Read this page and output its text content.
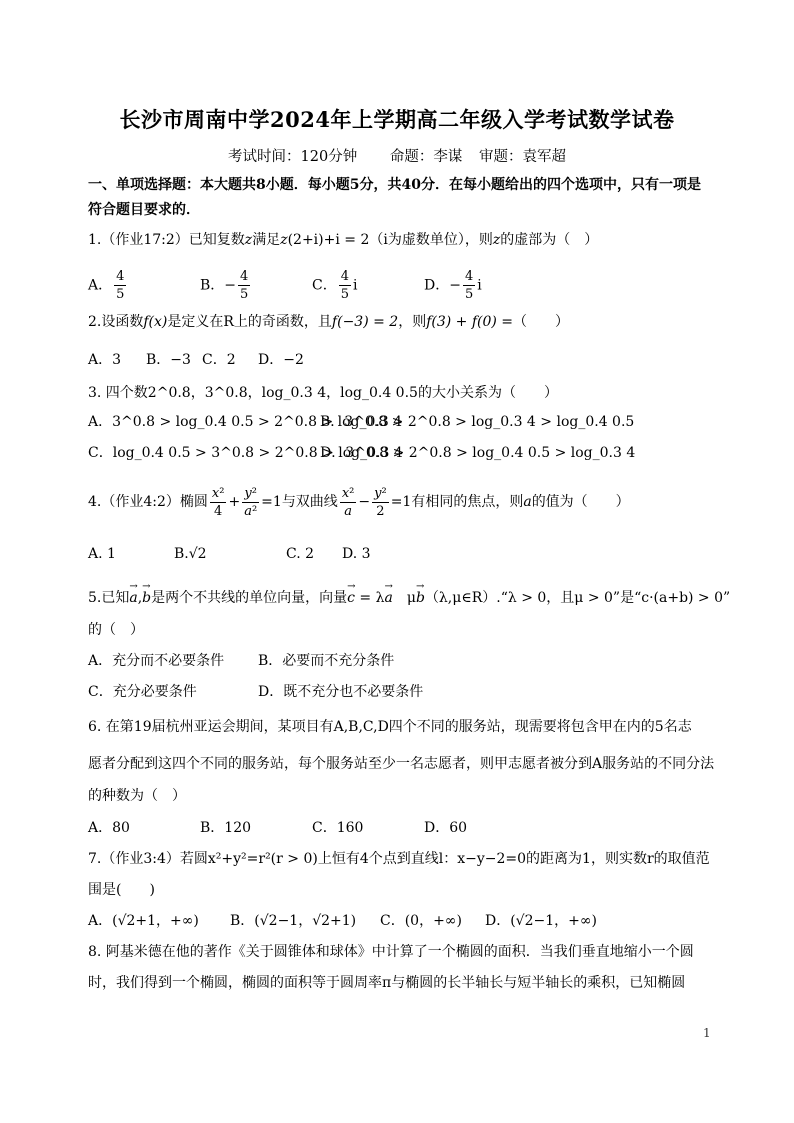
长沙市周南中学2024年上学期高二年级入学考试数学试卷
考试时间：120分钟 命题：李谋 审题：袁军超
一、单项选择题：本大题共8小题．每小题5分，共40分．在每小题给出的四个选项中，只有一项是
符合题目要求的．
1.（作业17:2）已知复数z满足z(2+i)+i = 2（i为虚数单位），则z的虚部为（　）
A． $\frac{4}{5}$	B．− $\frac{4}{5}$	C． $\frac{4}{5}$ i	D．− $\frac{4}{5}$ i
2.设函数f(x)是定义在R上的奇函数，且f(−3) = 2，则f(3) + f(0) =（　　）
A．3 B．−3 C．2 D．−2
3. 四个数2^0.8，3^0.8，log_0.3 4，log_0.4 0.5的大小关系为（　　）
A．3^0.8 > log_0.4 0.5 > 2^0.8 > log_0.3 4
B．3^0.8 > 2^0.8 > log_0.3 4 > log_0.4 0.5
C．log_0.4 0.5 > 3^0.8 > 2^0.8 > log_0.3 4
D．3^0.8 > 2^0.8 > log_0.4 0.5 > log_0.3 4
4.（作业4:2）椭圆 $\frac{\text{x²}}{4} + \frac{\text{y²}}{\text{a²}} =1$与双曲线 $\frac{\text{x²}}{a} - \frac{\text{y²}}{2} =1$有相同的焦点，则a的值为（　　）
A. 1	B.√2	C. 2 D. 3
5.已知→ a,→ b是两个不共线的单位向量，向量→ c = λ→ a　μ→ b（λ,μ∈R）.“λ > 0，且μ > 0”是“c·(a+b) > 0”
的（　）
A．充分而不必要条件 B．必要而不充分条件
C．充分必要条件	D．既不充分也不必要条件
6. 在第19届杭州亚运会期间，某项目有A,B,C,D四个不同的服务站，现需要将包含甲在内的5名志
愿者分配到这四个不同的服务站，每个服务站至少一名志愿者，则甲志愿者被分到A服务站的不同分法
的种数为（　）
A．80	B．120	C．160	D．60
7.（作业3:4）若圆x²+y²=r²(r > 0)上恒有4个点到直线l：x−y−2=0的距离为1，则实数r的取值范
围是(　　)
A．(√2+1，+∞) B．(√2−1，√2+1) C．(0，+∞) D．(√2−1，+∞)
8. 阿基米德在他的著作《关于圆锥体和球体》中计算了一个椭圆的面积．当我们垂直地缩小一个圆
时，我们得到一个椭圆，椭圆的面积等于圆周率π与椭圆的长半轴长与短半轴长的乘积，已知椭圆
1
